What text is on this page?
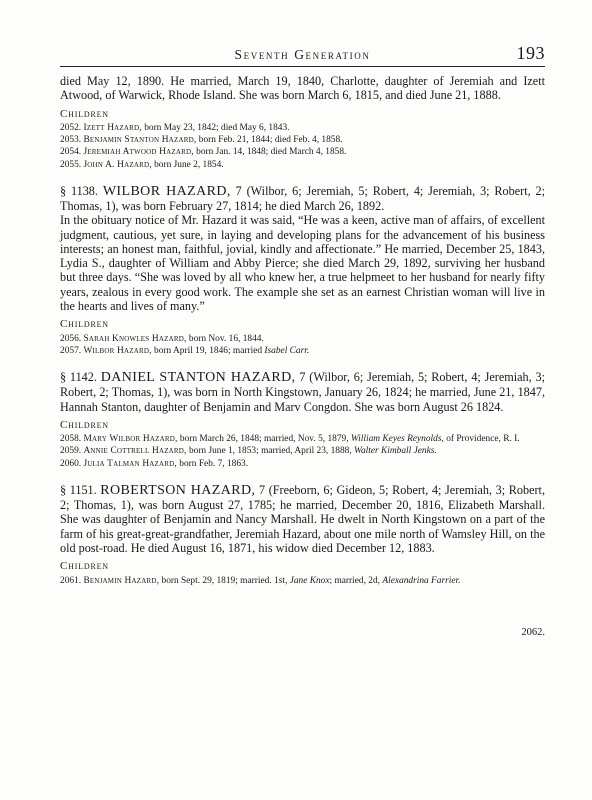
Seventh Generation	193

died May 12, 1890. He married, March 19, 1840, Charlotte, daughter of Jeremiah and Izett Atwood, of Warwick, Rhode Island. She was born March 6, 1815, and died June 21, 1888.

Children

2052. Izett Hazard, born May 23, 1842; died May 6, 1843.

2053. Benjamin Stanton Hazard, born Feb. 21, 1844; died Feb. 4, 1858.

2054. Jeremiah Atwood Hazard, born Jan. 14, 1848; died March 4, 1858.

2055. John A. Hazard, born June 2, 1854.

§ 1138. WILBOR HAZARD, 7 (Wilbor, 6; Jeremiah, 5; Robert, 4; Jeremiah, 3; Robert, 2; Thomas, 1), was born February 27, 1814; he died March 26, 1892.

In the obituary notice of Mr. Hazard it was said, “He was a keen, active man of affairs, of excellent judgment, cautious, yet sure, in laying and developing plans for the advancement of his business interests; an honest man, faithful, jovial, kindly and affectionate.” He married, December 25, 1843, Lydia S., daughter of William and Abby Pierce; she died March 29, 1892, surviving her husband but three days. “She was loved by all who knew her, a true helpmeet to her husband for nearly fifty years, zealous in every good work. The example she set as an earnest Christian woman will live in the hearts and lives of many.”

Children

2056. Sarah Knowles Hazard, born Nov. 16, 1844.

2057. Wilbor Hazard, born April 19, 1846; married Isabel Carr.

§ 1142. DANIEL STANTON HAZARD, 7 (Wilbor, 6; Jeremiah, 5; Robert, 4; Jeremiah, 3; Robert, 2; Thomas, 1), was born in North Kingstown, January 26, 1824; he married, June 21, 1847, Hannah Stanton, daughter of Benjamin and Marv Congdon. She was born August 26 1824.

Children

2058. Mary Wilbor Hazard, born March 26, 1848; married, Nov. 5, 1879, William Keyes Reynolds, of Providence, R. I.

2059. Annie Cottrell Hazard, born June 1, 1853; married, April 23, 1888, Walter Kimball Jenks.

2060. Julia Talman Hazard, born Feb. 7, 1863.

§ 1151. ROBERTSON HAZARD, 7 (Freeborn, 6; Gideon, 5; Robert, 4; Jeremiah, 3; Robert, 2; Thomas, 1), was born August 27, 1785; he married, December 20, 1816, Elizabeth Marshall. She was daughter of Benjamin and Nancy Marshall. He dwelt in North Kingstown on a part of the farm of his great-great-grandfather, Jeremiah Hazard, about one mile north of Wamsley Hill, on the old post-road. He died August 16, 1871, his widow died December 12, 1883.

Children

2061. Benjamin Hazard, born Sept. 29, 1819; married. 1st, Jane Knox; married, 2d, Alexandrina Farrier.

2062.
